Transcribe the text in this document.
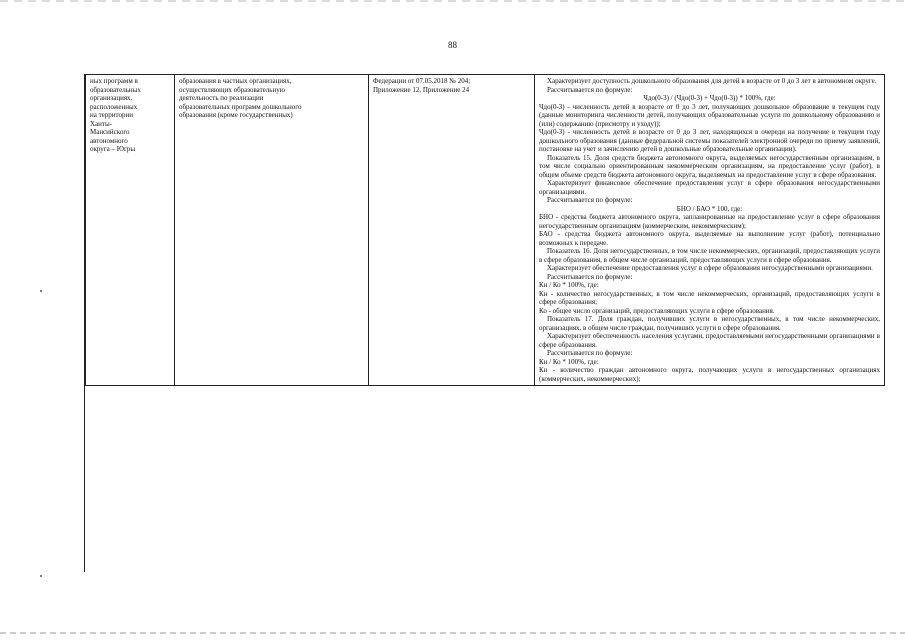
88
ных программ в
образовательных
организациях,
расположенных
на территории
Ханты-
Мансийского
автономного
округа – Югры

образования в частных организациях,
осуществляющих образовательную
деятельность по реализации
образовательных программ дошкольного
образования (кроме государственных)

Федерации от 07.05.2018 № 204;
Приложение 12, Приложение 24

Характеризует доступность дошкольного образования для детей в возрасте от 0 до 3 лет в автономном округе.
Рассчитывается по формуле:
Чдо(0-3) / (Чдо(0-3) + Чдо(0-3)) * 100%, где:
Чдо(0-3) - численность детей в возрасте от 0 до 3 лет, получающих дошкольное образование в текущем году (данные мониторинга численности детей, получающих образовательные услуги по дошкольному образованию и (или) содержанию (присмотру и уходу));
Чдо(0-3) - численность детей в возрасте от 0 до 3 лет, находящихся в очереди на получение в текущем году дошкольного образования (данные федеральной системы показателей электронной очереди по приему заявлений, постановке на учет и зачислению детей в дошкольные образовательные организации).
Показатель 15. Доля средств бюджета автономного округа, выделяемых негосударственным организациям, в том числе социально ориентированным некоммерческим организациям, на предоставление услуг (работ), в общем объеме средств бюджета автономного округа, выделяемых на предоставление услуг в сфере образования.
Характеризует финансовое обеспечение предоставления услуг в сфере образования негосударственными организациями.
Рассчитывается по формуле:
БНО / БАО * 100, где:
БНО - средства бюджета автономного округа, запланированные на предоставление услуг в сфере образования негосударственным организациям (коммерческим, некоммерческим);
БАО - средства бюджета автономного округа, выделяемые на выполнение услуг (работ), потенциально возможных к передаче.
Показатель 16. Доля негосударственных, в том числе некоммерческих, организаций, предоставляющих услуги в сфере образования, в общем числе организаций, предоставляющих услуги в сфере образования.
Характеризует обеспечение предоставления услуг в сфере образования негосударственными организациями.
Рассчитывается по формуле:
Кн / Ко * 100%, где:
Кн - количество негосударственных, в том числе некоммерческих, организаций, предоставляющих услуги в сфере образования;
Ко - общее число организаций, предоставляющих услуги в сфере образования.
Показатель 17. Доля граждан, получивших услуги в негосударственных, в том числе некоммерческих, организациях, в общем числе граждан, получивших услуги в сфере образования.
Характеризует обеспеченность населения услугами, предоставляемыми негосударственными организациями в сфере образования.
Рассчитывается по формуле:
Кн / Ко * 100%, где:
Кн - количество граждан автономного округа, получающих услуги в негосударственных организациях (коммерческих, некоммерческих);
